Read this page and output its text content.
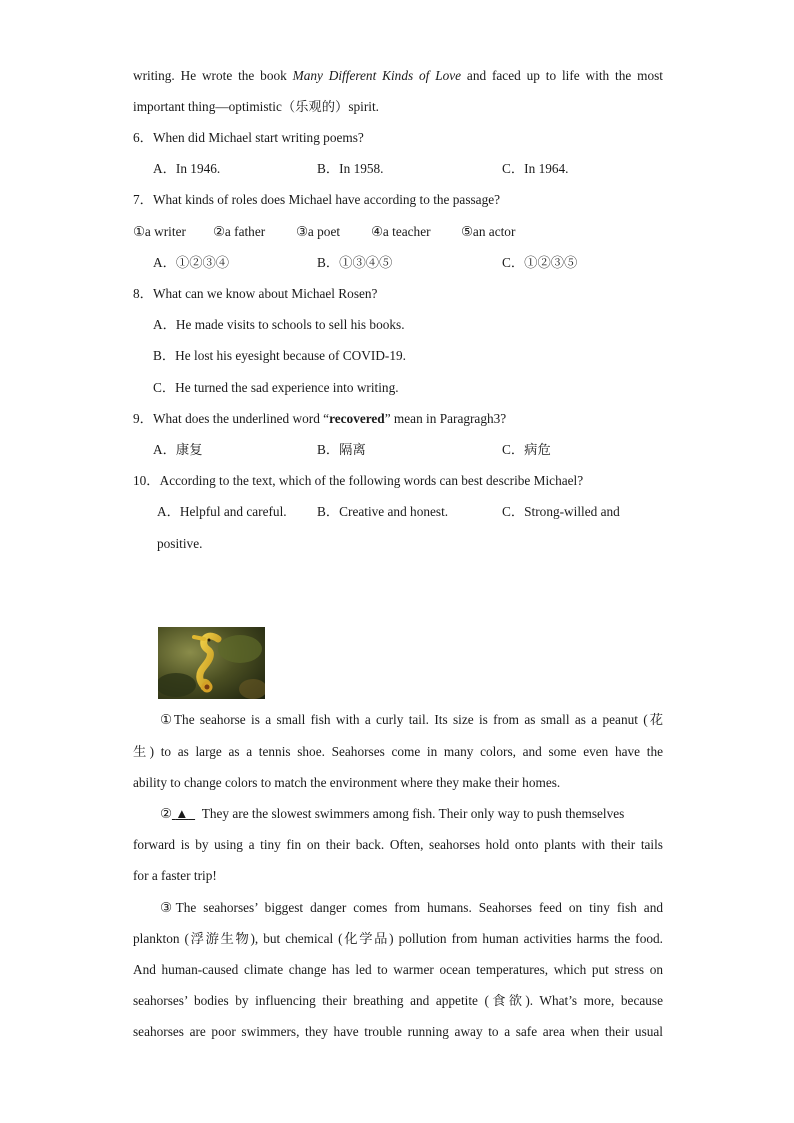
writing. He wrote the book Many Different Kinds of Love and faced up to life with the most
important thing—optimistic（乐观的）spirit.
6．When did Michael start writing poems?
A．In 1946.	B．In 1958.	C．In 1964.
7．What kinds of roles does Michael have according to the passage?
①a writer ②a father ③a poet ④a teacher ⑤an actor
A．①②③④	B．①③④⑤	C．①②③⑤
8．What can we know about Michael Rosen?
A．He made visits to schools to sell his books.
B．He lost his eyesight because of COVID-19.
C．He turned the sad experience into writing.
9．What does the underlined word “recovered” mean in Paragragh3?
A．康复	B．隔离	C．病危
10．According to the text, which of the following words can best describe Michael?
A．Helpful and careful. B．Creative and honest.	C．Strong-willed and
positive.
①The seahorse is a small fish with a curly tail. Its size is from as small as a peanut (花
生) to as large as a tennis shoe. Seahorses come in many colors, and some even have the
ability to change colors to match the environment where they make their homes.
② ▲ They are the slowest swimmers among fish. Their only way to push themselves
forward is by using a tiny fin on their back. Often, seahorses hold onto plants with their tails
for a faster trip!
③The seahorses’ biggest danger comes from humans. Seahorses feed on tiny fish and
plankton (浮游生物), but chemical (化学品) pollution from human activities harms the food.
And human-caused climate change has led to warmer ocean temperatures, which put stress on
seahorses’ bodies by influencing their breathing and appetite (食欲). What’s more, because
seahorses are poor swimmers, they have trouble running away to a safe area when their usual
